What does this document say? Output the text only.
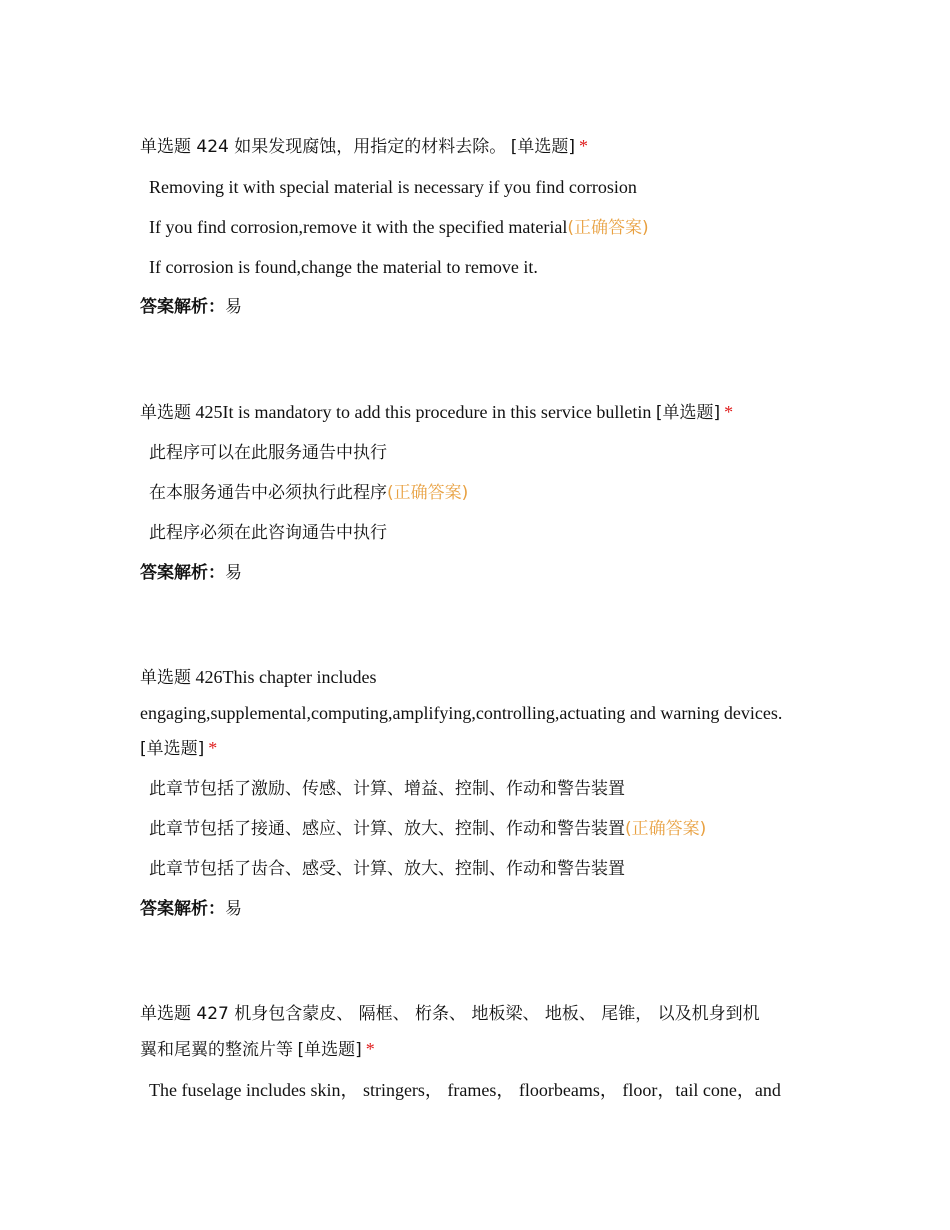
单选题 424 如果发现腐蚀，用指定的材料去除。 [单选题] *

Removing it with special material is necessary if you find corrosion
If you find corrosion,remove it with the specified material(正确答案)
If corrosion is found,change the material to remove it.
答案解析：易

单选题 425It is mandatory to add this procedure in this service bulletin [单选题] *

此程序可以在此服务通告中执行
在本服务通告中必须执行此程序(正确答案)
此程序必须在此咨询通告中执行
答案解析：易

单选题 426This chapter includes
engaging,supplemental,computing,amplifying,controlling,actuating and warning devices.
[单选题] *

此章节包括了激励、传感、计算、增益、控制、作动和警告装置
此章节包括了接通、感应、计算、放大、控制、作动和警告装置(正确答案)
此章节包括了齿合、感受、计算、放大、控制、作动和警告装置
答案解析：易

单选题 427 机身包含蒙皮、 隔框、 桁条、 地板梁、 地板、 尾锥， 以及机身到机
翼和尾翼的整流片等 [单选题] *

The fuselage includes skin， stringers， frames， floorbeams， floor，tail cone，and
